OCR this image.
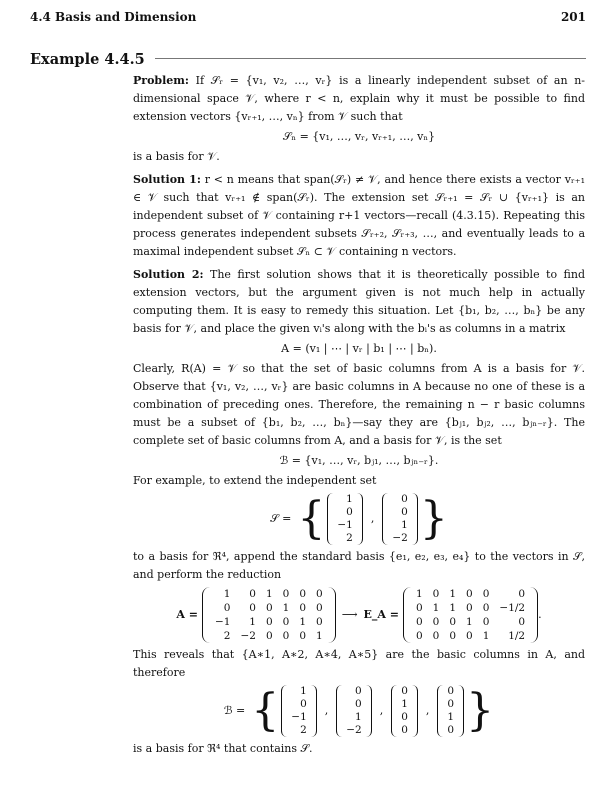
4.4 Basis and Dimension	201
Example 4.4.5

Problem: If 𝒮ᵣ = {v₁, v₂, …, vᵣ} is a linearly independent subset of an n-dimensional space 𝒱, where r < n, explain why it must be possible to find extension vectors {vᵣ₊₁, …, vₙ} from 𝒱 such that

𝒮ₙ = {v₁, …, vᵣ, vᵣ₊₁, …, vₙ}

is a basis for 𝒱.

Solution 1: r < n means that span(𝒮ᵣ) ≠ 𝒱, and hence there exists a vector vᵣ₊₁ ∈ 𝒱 such that vᵣ₊₁ ∉ span(𝒮ᵣ). The extension set 𝒮ᵣ₊₁ = 𝒮ᵣ ∪ {vᵣ₊₁} is an independent subset of 𝒱 containing r+1 vectors—recall (4.3.15). Repeating this process generates independent subsets 𝒮ᵣ₊₂, 𝒮ᵣ₊₃, …, and eventually leads to a maximal independent subset 𝒮ₙ ⊂ 𝒱 containing n vectors.

Solution 2: The first solution shows that it is theoretically possible to find extension vectors, but the argument given is not much help in actually computing them. It is easy to remedy this situation. Let {b₁, b₂, …, bₙ} be any basis for 𝒱, and place the given vᵢ's along with the bᵢ's as columns in a matrix

A = (v₁ | ⋯ | vᵣ | b₁ | ⋯ | bₙ).

Clearly, R(A) = 𝒱 so that the set of basic columns from A is a basis for 𝒱. Observe that {v₁, v₂, …, vᵣ} are basic columns in A because no one of these is a combination of preceding ones. Therefore, the remaining n − r basic columns must be a subset of {b₁, b₂, …, bₙ}—say they are {bⱼ₁, bⱼ₂, …, bⱼₙ₋ᵣ}. The complete set of basic columns from A, and a basis for 𝒱, is the set

ℬ = {v₁, …, vᵣ, bⱼ₁, …, bⱼₙ₋ᵣ}.

For example, to extend the independent set

𝒮 = { 1
0
−1
2
,
0
0
1
−2 }

to a basis for ℜ⁴, append the standard basis {e₁, e₂, e₃, e₄} to the vectors in 𝒮, and perform the reduction

A =
1	0	1	0	0	0
0	0	0	1	0	0
−1	1	0	0	1	0
2	−2	0	0	0	1
⟶ E_A =
1	0	1	0	0	0
0	1	1	0	0	−1/2
0	0	0	1	0	0
0	0	0	0	1	1/2
.

This reveals that {A∗1, A∗2, A∗4, A∗5} are the basic columns in A, and therefore

ℬ = { 1
0
−1
2
,
0
0
1
−2
,
0
1
0
0
,
0
0
1
0 }

is a basis for ℜ⁴ that contains 𝒮.
